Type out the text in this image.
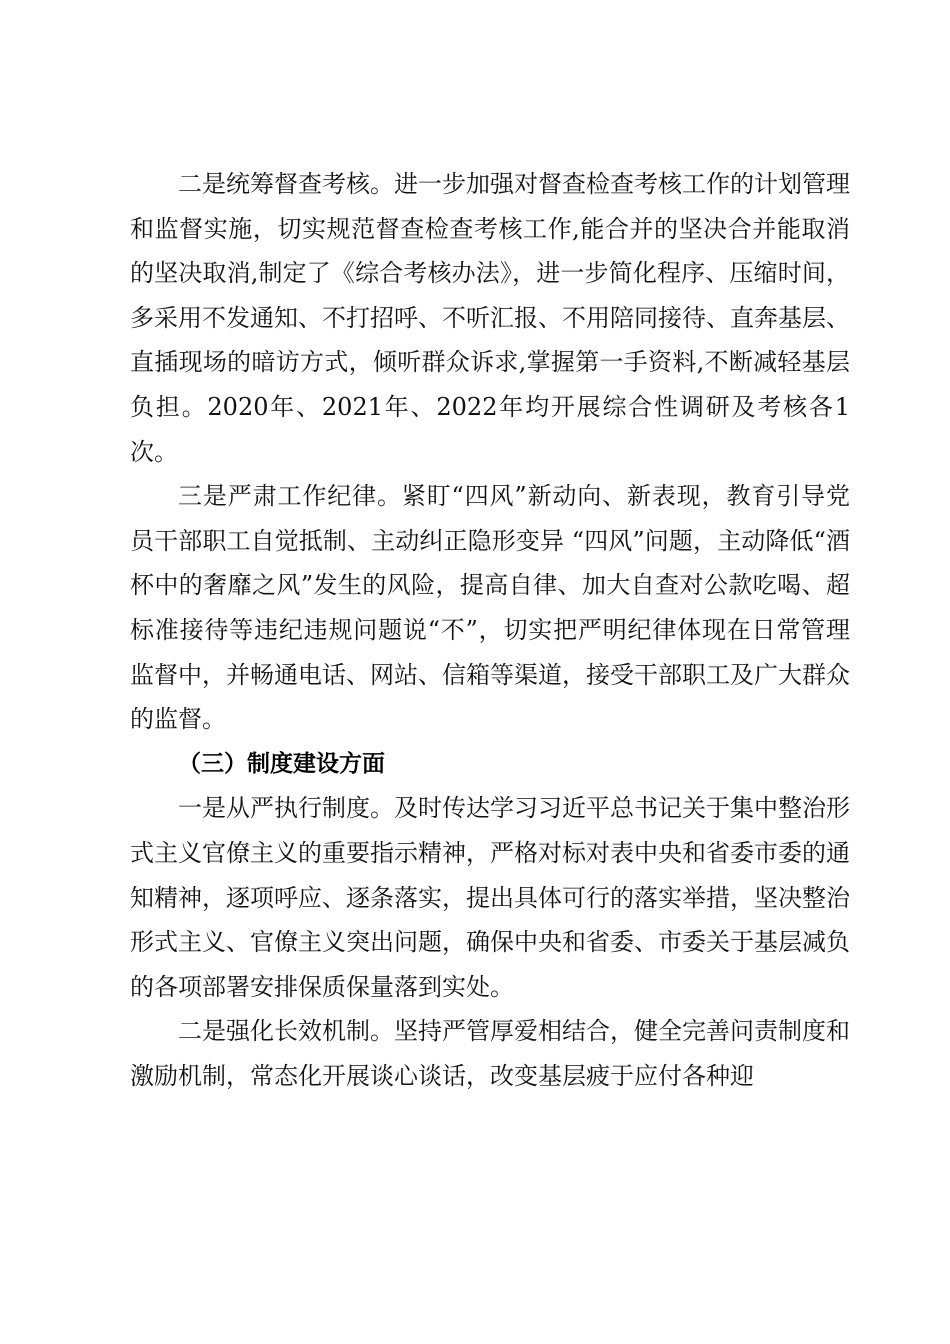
二是统筹督查考核。进一步加强对督查检查考核工作的计划管理和监督实施，切实规范督查检查考核工作,能合并的坚决合并能取消的坚决取消,制定了《综合考核办法》，进一步简化程序、压缩时间，多采用不发通知、不打招呼、不听汇报、不用陪同接待、直奔基层、直插现场的暗访方式，倾听群众诉求,掌握第一手资料,不断减轻基层负担。2020年、2021年、2022年均开展综合性调研及考核各1次。

三是严肃工作纪律。紧盯“四风”新动向、新表现，教育引导党员干部职工自觉抵制、主动纠正隐形变异 “四风”问题，主动降低“酒杯中的奢靡之风”发生的风险，提高自律、加大自查对公款吃喝、超标准接待等违纪违规问题说“不”，切实把严明纪律体现在日常管理监督中，并畅通电话、网站、信箱等渠道，接受干部职工及广大群众的监督。

（三）制度建设方面

一是从严执行制度。及时传达学习习近平总书记关于集中整治形式主义官僚主义的重要指示精神，严格对标对表中央和省委市委的通知精神，逐项呼应、逐条落实，提出具体可行的落实举措，坚决整治形式主义、官僚主义突出问题，确保中央和省委、市委关于基层减负的各项部署安排保质保量落到实处。

二是强化长效机制。坚持严管厚爱相结合，健全完善问责制度和激励机制，常态化开展谈心谈话，改变基层疲于应付各种迎
